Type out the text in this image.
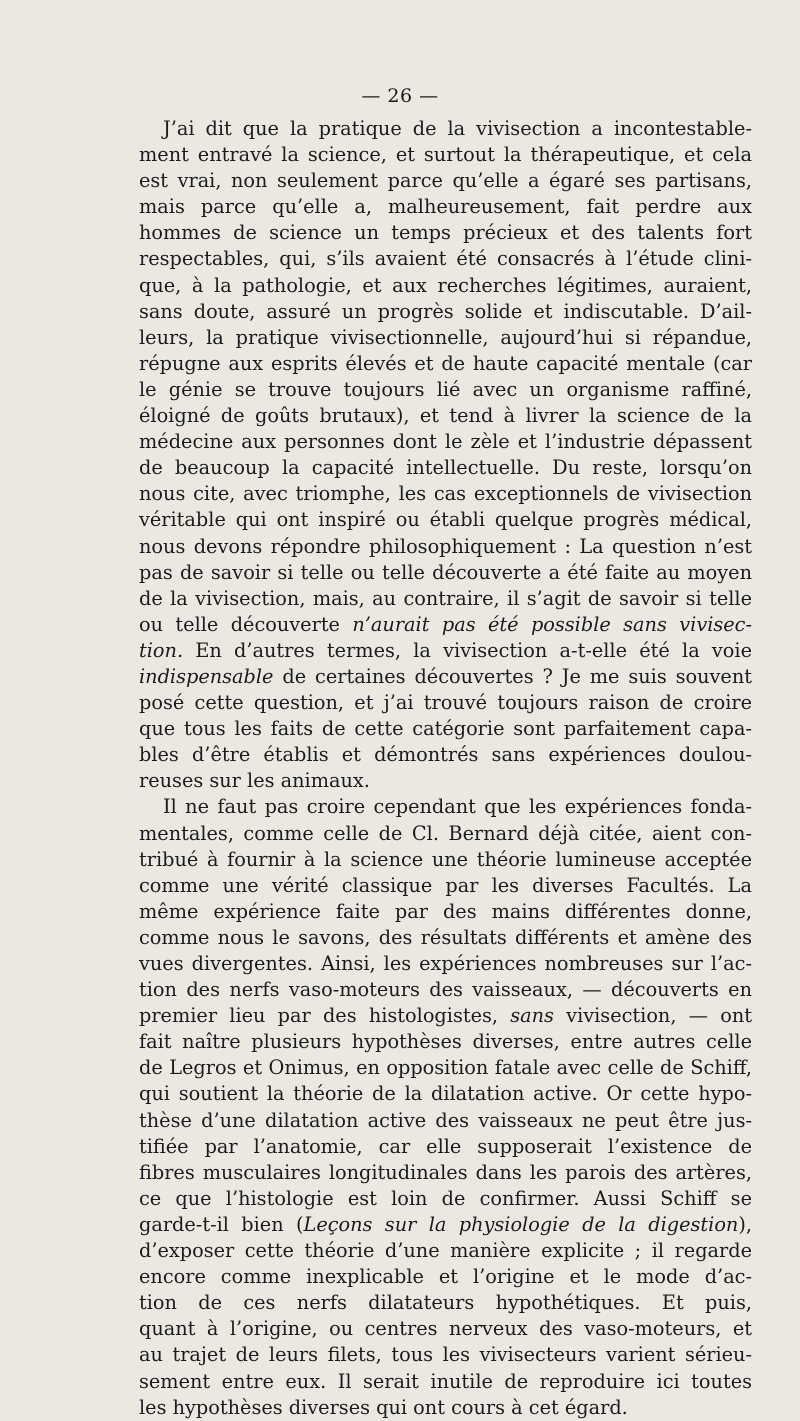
— 26 —
J’ai dit que la pratique de la vivisection a incontestable-
ment entravé la science, et surtout la thérapeutique, et cela
est vrai, non seulement parce qu’elle a égaré ses partisans,
mais parce qu’elle a, malheureusement, fait perdre aux
hommes de science un temps précieux et des talents fort
respectables, qui, s’ils avaient été consacrés à l’étude clini-
que, à la pathologie, et aux recherches légitimes, auraient,
sans doute, assuré un progrès solide et indiscutable. D’ail-
leurs, la pratique vivisectionnelle, aujourd’hui si répandue,
répugne aux esprits élevés et de haute capacité mentale (car
le génie se trouve toujours lié avec un organisme raffiné,
éloigné de goûts brutaux), et tend à livrer la science de la
médecine aux personnes dont le zèle et l’industrie dépassent
de beaucoup la capacité intellectuelle. Du reste, lorsqu’on
nous cite, avec triomphe, les cas exceptionnels de vivisection
véritable qui ont inspiré ou établi quelque progrès médical,
nous devons répondre philosophiquement : La question n’est
pas de savoir si telle ou telle découverte a été faite au moyen
de la vivisection, mais, au contraire, il s’agit de savoir si telle
ou telle découverte n’aurait pas été possible sans vivisec-
tion. En d’autres termes, la vivisection a-t-elle été la voie
indispensable de certaines découvertes ? Je me suis souvent
posé cette question, et j’ai trouvé toujours raison de croire
que tous les faits de cette catégorie sont parfaitement capa-
bles d’être établis et démontrés sans expériences doulou-
reuses sur les animaux.
Il ne faut pas croire cependant que les expériences fonda-
mentales, comme celle de Cl. Bernard déjà citée, aient con-
tribué à fournir à la science une théorie lumineuse acceptée
comme une vérité classique par les diverses Facultés. La
même expérience faite par des mains différentes donne,
comme nous le savons, des résultats différents et amène des
vues divergentes. Ainsi, les expériences nombreuses sur l’ac-
tion des nerfs vaso-moteurs des vaisseaux, — découverts en
premier lieu par des histologistes, sans vivisection, — ont
fait naître plusieurs hypothèses diverses, entre autres celle
de Legros et Onimus, en opposition fatale avec celle de Schiff,
qui soutient la théorie de la dilatation active. Or cette hypo-
thèse d’une dilatation active des vaisseaux ne peut être jus-
tifiée par l’anatomie, car elle supposerait l’existence de
fibres musculaires longitudinales dans les parois des artères,
ce que l’histologie est loin de confirmer. Aussi Schiff se
garde-t-il bien (Leçons sur la physiologie de la digestion),
d’exposer cette théorie d’une manière explicite ; il regarde
encore comme inexplicable et l’origine et le mode d’ac-
tion de ces nerfs dilatateurs hypothétiques. Et puis,
quant à l’origine, ou centres nerveux des vaso-moteurs, et
au trajet de leurs filets, tous les vivisecteurs varient sérieu-
sement entre eux. Il serait inutile de reproduire ici toutes
les hypothèses diverses qui ont cours à cet égard.
